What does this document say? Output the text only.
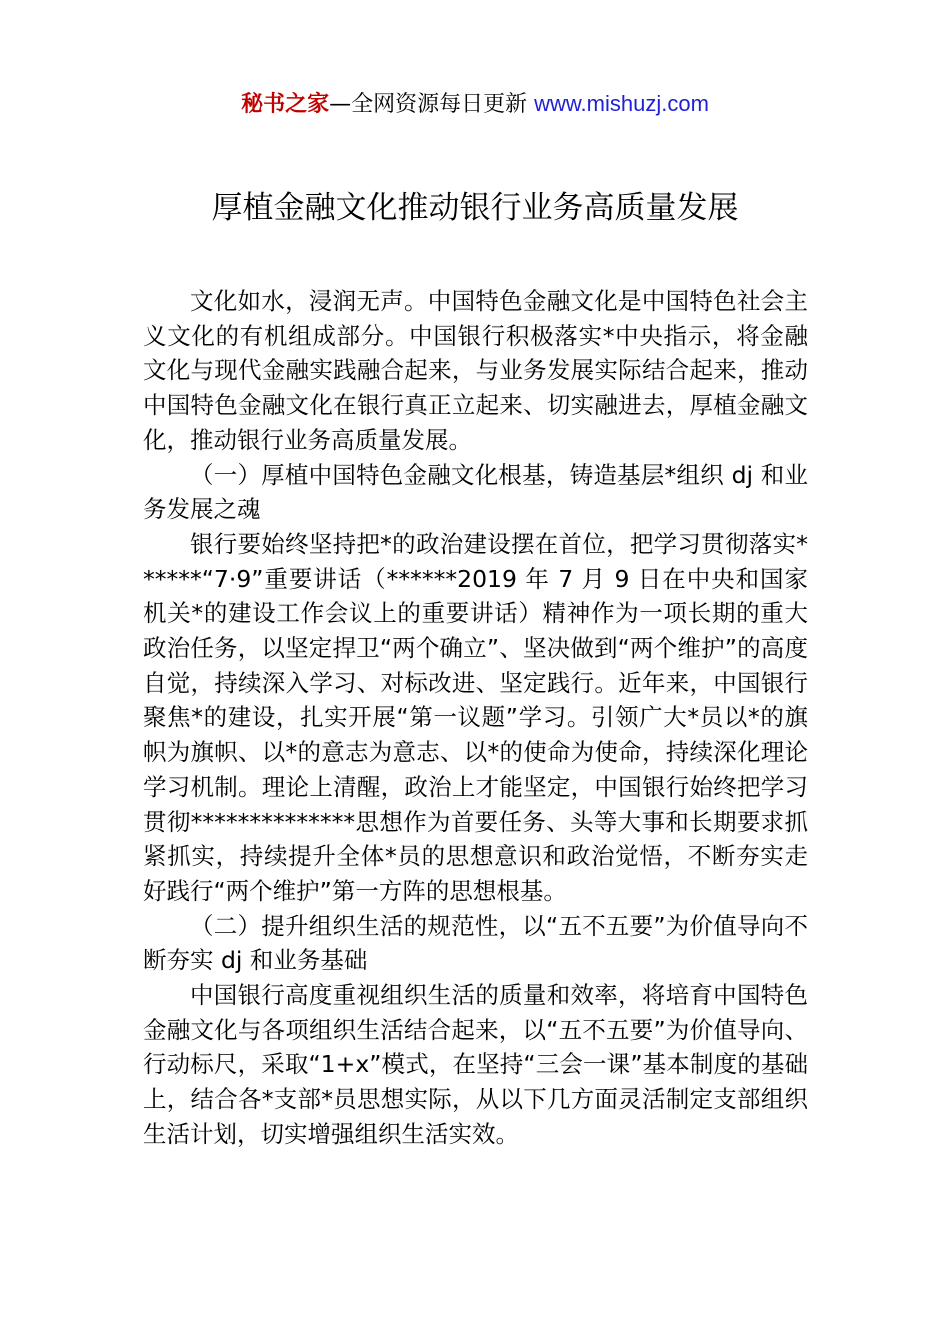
秘书之家—全网资源每日更新 www.mishuzj.com
厚植金融文化推动银行业务高质量发展

文化如水，浸润无声。中国特色金融文化是中国特色社会主义文化的有机组成部分。中国银行积极落实*中央指示，将金融文化与现代金融实践融合起来，与业务发展实际结合起来，推动中国特色金融文化在银行真正立起来、切实融进去，厚植金融文化，推动银行业务高质量发展。

（一）厚植中国特色金融文化根基，铸造基层*组织 dj 和业务发展之魂

银行要始终坚持把*的政治建设摆在首位，把学习贯彻落实******“7·9”重要讲话（******2019 年 7 月 9 日在中央和国家机关*的建设工作会议上的重要讲话）精神作为一项长期的重大政治任务，以坚定捍卫“两个确立”、坚决做到“两个维护”的高度自觉，持续深入学习、对标改进、坚定践行。近年来，中国银行聚焦*的建设，扎实开展“第一议题”学习。引领广大*员以*的旗帜为旗帜、以*的意志为意志、以*的使命为使命，持续深化理论学习机制。理论上清醒，政治上才能坚定，中国银行始终把学习贯彻**************思想作为首要任务、头等大事和长期要求抓紧抓实，持续提升全体*员的思想意识和政治觉悟，不断夯实走好践行“两个维护”第一方阵的思想根基。

（二）提升组织生活的规范性，以“五不五要”为价值导向不断夯实 dj 和业务基础

中国银行高度重视组织生活的质量和效率，将培育中国特色金融文化与各项组织生活结合起来，以“五不五要”为价值导向、行动标尺，采取“1+x”模式，在坚持“三会一课”基本制度的基础上，结合各*支部*员思想实际，从以下几方面灵活制定支部组织生活计划，切实增强组织生活实效。
